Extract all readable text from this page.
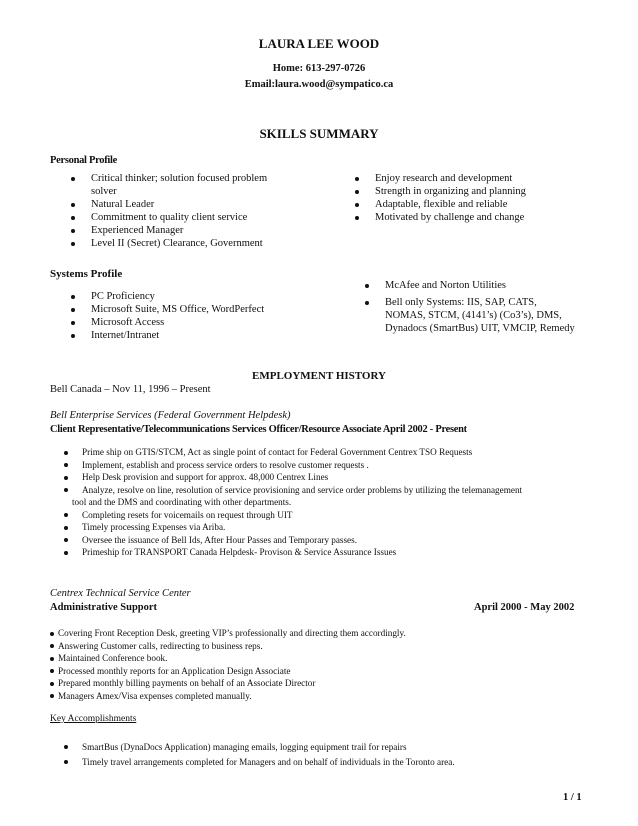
LAURA LEE WOOD
Home: 613-297-0726
Email:laura.wood@sympatico.ca
SKILLS SUMMARY
Personal Profile
Critical thinker; solution focused problem
solver
Natural Leader
Commitment to quality client service
Experienced Manager
Level II (Secret) Clearance, Government
Enjoy research and development
Strength in organizing and planning
Adaptable, flexible and reliable
Motivated by challenge and change
Systems Profile
PC Proficiency
Microsoft Suite, MS Office, WordPerfect
Microsoft Access
Internet/Intranet
McAfee and Norton Utilities
Bell only Systems: IIS, SAP, CATS,
NOMAS, STCM, (4141’s) (Co3’s), DMS,
Dynadocs (SmartBus) UIT, VMCIP, Remedy
EMPLOYMENT HISTORY
Bell Canada – Nov 11, 1996 – Present
Bell Enterprise Services (Federal Government Helpdesk)
Client Representative/Telecommunications Services Officer/Resource Associate April 2002 - Present
Prime ship on GTIS/STCM, Act as single point of contact for Federal Government Centrex TSO Requests
Implement, establish and process service orders to resolve customer requests .
Help Desk provision and support for approx. 48,000 Centrex Lines
Analyze, resolve on line, resolution of service provisioning and service order problems by utilizing the telemanagement
tool and the DMS and coordinating with other departments.
Completing resets for voicemails on request through UIT
Timely processing Expenses via Ariba.
Oversee the issuance of Bell Ids, After Hour Passes and Temporary passes.
Primeship for TRANSPORT Canada Helpdesk- Provison & Service Assurance Issues
Centrex Technical Service Center
Administrative Support	April 2000 - May 2002
Covering Front Reception Desk, greeting VIP’s professionally and directing them accordingly.
Answering Customer calls, redirecting to business reps.
Maintained Conference book.
Processed monthly reports for an Application Design Associate
Prepared monthly billing payments on behalf of an Associate Director
Managers Amex/Visa expenses completed manually.
Key Accomplishments
SmartBus (DynaDocs Application) managing emails, logging equipment trail for repairs
Timely travel arrangements completed for Managers and on behalf of individuals in the Toronto area.
1 / 1
